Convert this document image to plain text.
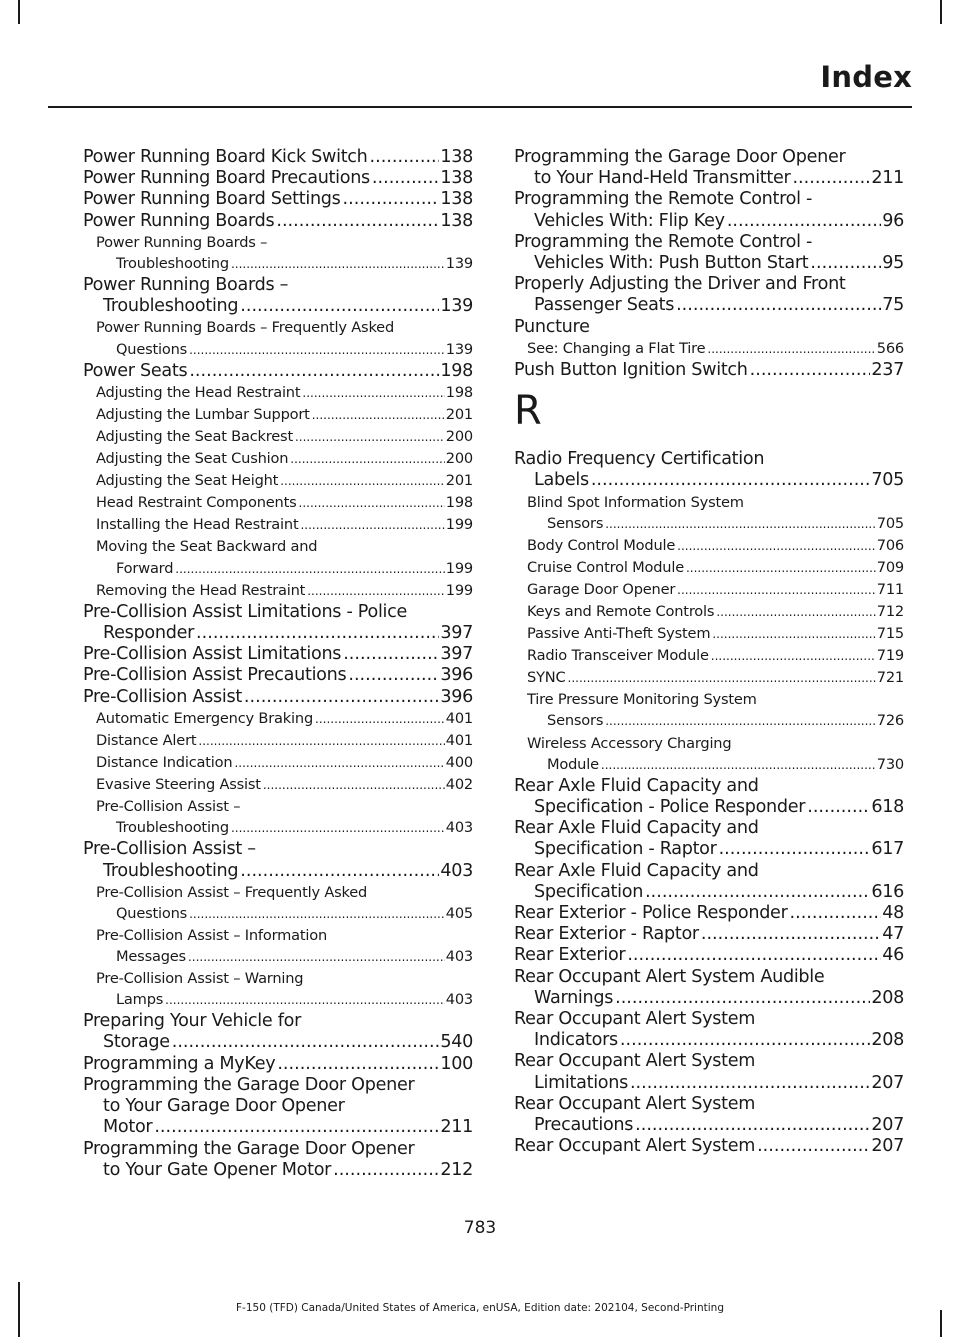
Index
Power Running Board Kick Switch .....	138
Power Running Board Precautions .....	138
Power Running Board Settings .....	138
Power Running Boards .....	138
Power Running Boards –
Troubleshooting .....	139
Power Running Boards –
Troubleshooting .....	139
Power Running Boards – Frequently Asked
Questions .....	139
Power Seats .....	198
Adjusting the Head Restraint .....	198
Adjusting the Lumbar Support .....	201
Adjusting the Seat Backrest .....	200
Adjusting the Seat Cushion .....	200
Adjusting the Seat Height .....	201
Head Restraint Components .....	198
Installing the Head Restraint .....	199
Moving the Seat Backward and
Forward .....	199
Removing the Head Restraint .....	199
Pre-Collision Assist Limitations - Police
Responder .....	397
Pre-Collision Assist Limitations .....	397
Pre-Collision Assist Precautions .....	396
Pre-Collision Assist .....	396
Automatic Emergency Braking .....	401
Distance Alert .....	401
Distance Indication .....	400
Evasive Steering Assist .....	402
Pre-Collision Assist –
Troubleshooting .....	403
Pre-Collision Assist –
Troubleshooting .....	403
Pre-Collision Assist – Frequently Asked
Questions .....	405
Pre-Collision Assist – Information
Messages .....	403
Pre-Collision Assist – Warning
Lamps .....	403
Preparing Your Vehicle for
Storage .....	540
Programming a MyKey .....	100
Programming the Garage Door Opener
to Your Garage Door Opener
Motor .....	211
Programming the Garage Door Opener
to Your Gate Opener Motor .....	212
Programming the Garage Door Opener
to Your Hand-Held Transmitter .....	211
Programming the Remote Control -
Vehicles With: Flip Key .....	96
Programming the Remote Control -
Vehicles With: Push Button Start .....	95
Properly Adjusting the Driver and Front
Passenger Seats .....	75
Puncture
See: Changing a Flat Tire .....	566
Push Button Ignition Switch .....	237
R
Radio Frequency Certification
Labels .....	705
Blind Spot Information System
Sensors .....	705
Body Control Module .....	706
Cruise Control Module .....	709
Garage Door Opener .....	711
Keys and Remote Controls .....	712
Passive Anti-Theft System .....	715
Radio Transceiver Module .....	719
SYNC .....	721
Tire Pressure Monitoring System
Sensors .....	726
Wireless Accessory Charging
Module .....	730
Rear Axle Fluid Capacity and
Specification - Police Responder .....	618
Rear Axle Fluid Capacity and
Specification - Raptor .....	617
Rear Axle Fluid Capacity and
Specification .....	616
Rear Exterior - Police Responder .....	48
Rear Exterior - Raptor .....	47
Rear Exterior .....	46
Rear Occupant Alert System Audible
Warnings .....	208
Rear Occupant Alert System
Indicators .....	208
Rear Occupant Alert System
Limitations .....	207
Rear Occupant Alert System
Precautions .....	207
Rear Occupant Alert System .....	207
783
F-150 (TFD) Canada/United States of America, enUSA, Edition date: 202104, Second-Printing
